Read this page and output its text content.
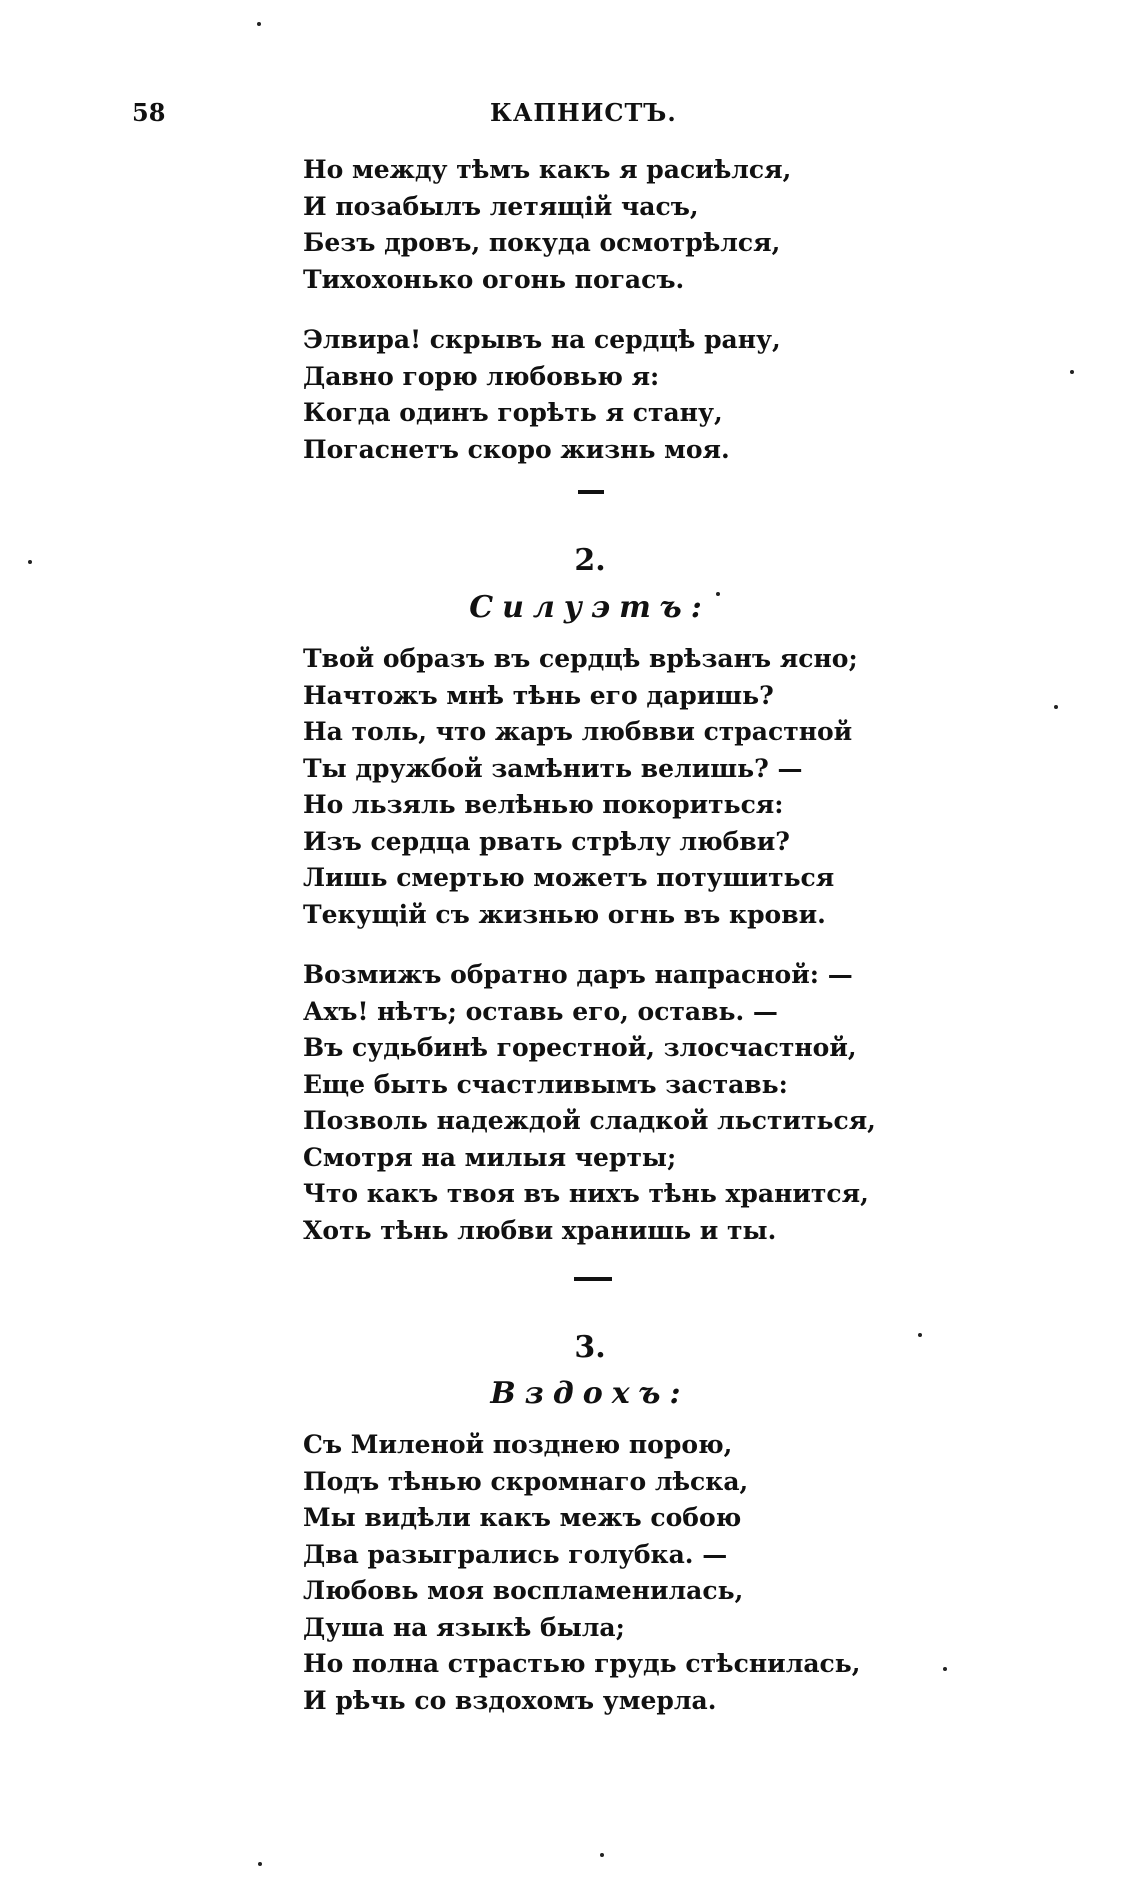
58	КАПНИСТЪ.
Но между тѣмъ какъ я расиѣлся,
И позабылъ летящій часъ,
Безъ дровъ, покуда осмотрѣлся,
Тихохонько огонь погасъ.
Элвира! скрывъ на сердцѣ рану,
Давно горю любовью я:
Когда одинъ горѣть я стану,
Погаснетъ скоро жизнь моя.
2.
Силуэтъ:
Твой образъ въ сердцѣ врѣзанъ ясно;
Начтожъ мнѣ тѣнь его даришь?
На толь, что жаръ любвви страстной
Ты дружбой замѣнить велишь? —
Но льзяль велѣнью покориться:
Изъ сердца рвать стрѣлу любви?
Лишь смертью можетъ потушиться
Текущій съ жизнью огнь въ крови.
Возмижъ обратно даръ напрасной: —
Ахъ! нѣтъ; оставь его, оставь. —
Въ судьбинѣ горестной, злосчастной,
Еще быть счастливымъ заставь:
Позволь надеждой сладкой льститься,
Смотря на милыя черты;
Что какъ твоя въ нихъ тѣнь хранится,
Хоть тѣнь любви хранишь и ты.
3.
Вздохъ:
Съ Миленой позднею порою,
Подъ тѣнью скромнаго лѣска,
Мы видѣли какъ межъ собою
Два разыгрались голубка. —
Любовь моя воспламенилась,
Душа на языкѣ была;
Но полна страстью грудь стѣснилась,
И рѣчь со вздохомъ умерла.
